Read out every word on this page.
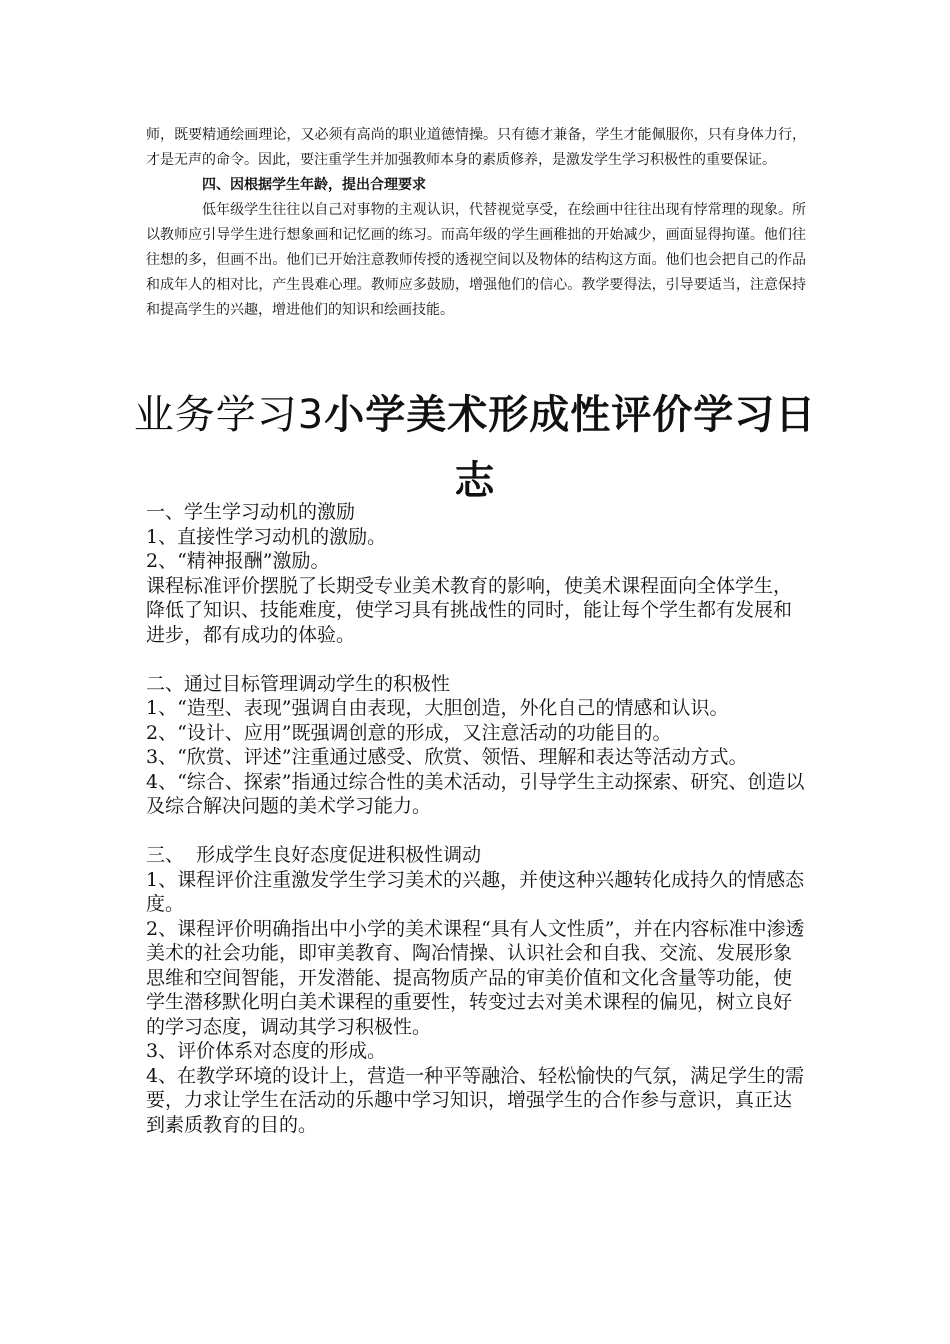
师，既要精通绘画理论，又必须有高尚的职业道德情操。只有德才兼备，学生才能佩服你，只有身体力行，才是无声的命令。因此，要注重学生并加强教师本身的素质修养，是激发学生学习积极性的重要保证。

四、因根据学生年龄，提出合理要求

低年级学生往往以自己对事物的主观认识，代替视觉享受，在绘画中往往出现有悖常理的现象。所以教师应引导学生进行想象画和记忆画的练习。而高年级的学生画稚拙的开始减少，画面显得拘谨。他们往往想的多，但画不出。他们已开始注意教师传授的透视空间以及物体的结构这方面。他们也会把自己的作品和成年人的相对比，产生畏难心理。教师应多鼓励，增强他们的信心。教学要得法，引导要适当，注意保持和提高学生的兴趣，增进他们的知识和绘画技能。

业务学习3小学美术形成性评价学习日志

一、学生学习动机的激励

1、直接性学习动机的激励。

2、“精神报酬”激励。

课程标准评价摆脱了长期受专业美术教育的影响，使美术课程面向全体学生，降低了知识、技能难度，使学习具有挑战性的同时，能让每个学生都有发展和进步，都有成功的体验。

二、通过目标管理调动学生的积极性

1、“造型、表现”强调自由表现，大胆创造，外化自己的情感和认识。

2、“设计、应用”既强调创意的形成，又注意活动的功能目的。

3、“欣赏、评述”注重通过感受、欣赏、领悟、理解和表达等活动方式。

4、“综合、探索”指通过综合性的美术活动，引导学生主动探索、研究、创造以及综合解决问题的美术学习能力。

三、  形成学生良好态度促进积极性调动

1、课程评价注重激发学生学习美术的兴趣，并使这种兴趣转化成持久的情感态度。

2、课程评价明确指出中小学的美术课程“具有人文性质”，并在内容标准中渗透美术的社会功能，即审美教育、陶冶情操、认识社会和自我、交流、发展形象思维和空间智能，开发潜能、提高物质产品的审美价值和文化含量等功能，使学生潜移默化明白美术课程的重要性，转变过去对美术课程的偏见，树立良好的学习态度，调动其学习积极性。

3、评价体系对态度的形成。

4、在教学环境的设计上，营造一种平等融洽、轻松愉快的气氛，满足学生的需要，力求让学生在活动的乐趣中学习知识，增强学生的合作参与意识，真正达到素质教育的目的。
